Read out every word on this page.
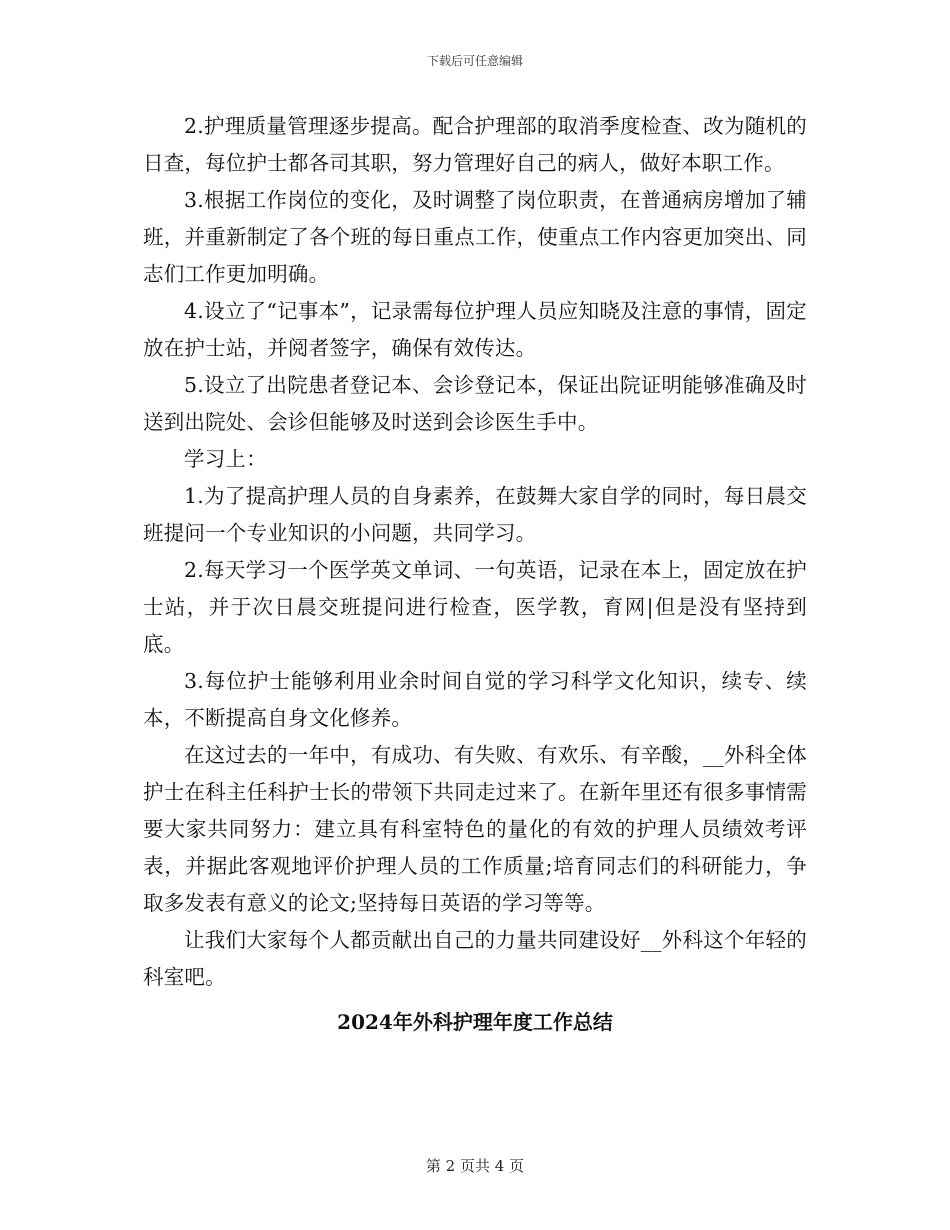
下载后可任意编辑

2.护理质量管理逐步提高。配合护理部的取消季度检查、改为随机的日查，每位护士都各司其职，努力管理好自己的病人，做好本职工作。

3.根据工作岗位的变化，及时调整了岗位职责，在普通病房增加了辅班，并重新制定了各个班的每日重点工作，使重点工作内容更加突出、同志们工作更加明确。

4.设立了“记事本”，记录需每位护理人员应知晓及注意的事情，固定放在护士站，并阅者签字，确保有效传达。

5.设立了出院患者登记本、会诊登记本，保证出院证明能够准确及时送到出院处、会诊但能够及时送到会诊医生手中。

学习上：

1.为了提高护理人员的自身素养，在鼓舞大家自学的同时，每日晨交班提问一个专业知识的小问题，共同学习。

2.每天学习一个医学英文单词、一句英语，记录在本上，固定放在护士站，并于次日晨交班提问进行检查，医学教，育网|但是没有坚持到底。

3.每位护士能够利用业余时间自觉的学习科学文化知识，续专、续本，不断提高自身文化修养。

在这过去的一年中，有成功、有失败、有欢乐、有辛酸，__外科全体护士在科主任科护士长的带领下共同走过来了。在新年里还有很多事情需要大家共同努力：建立具有科室特色的量化的有效的护理人员绩效考评表，并据此客观地评价护理人员的工作质量;培育同志们的科研能力，争取多发表有意义的论文;坚持每日英语的学习等等。

让我们大家每个人都贡献出自己的力量共同建设好__外科这个年轻的科室吧。

2024年外科护理年度工作总结
第 2 页共 4 页
